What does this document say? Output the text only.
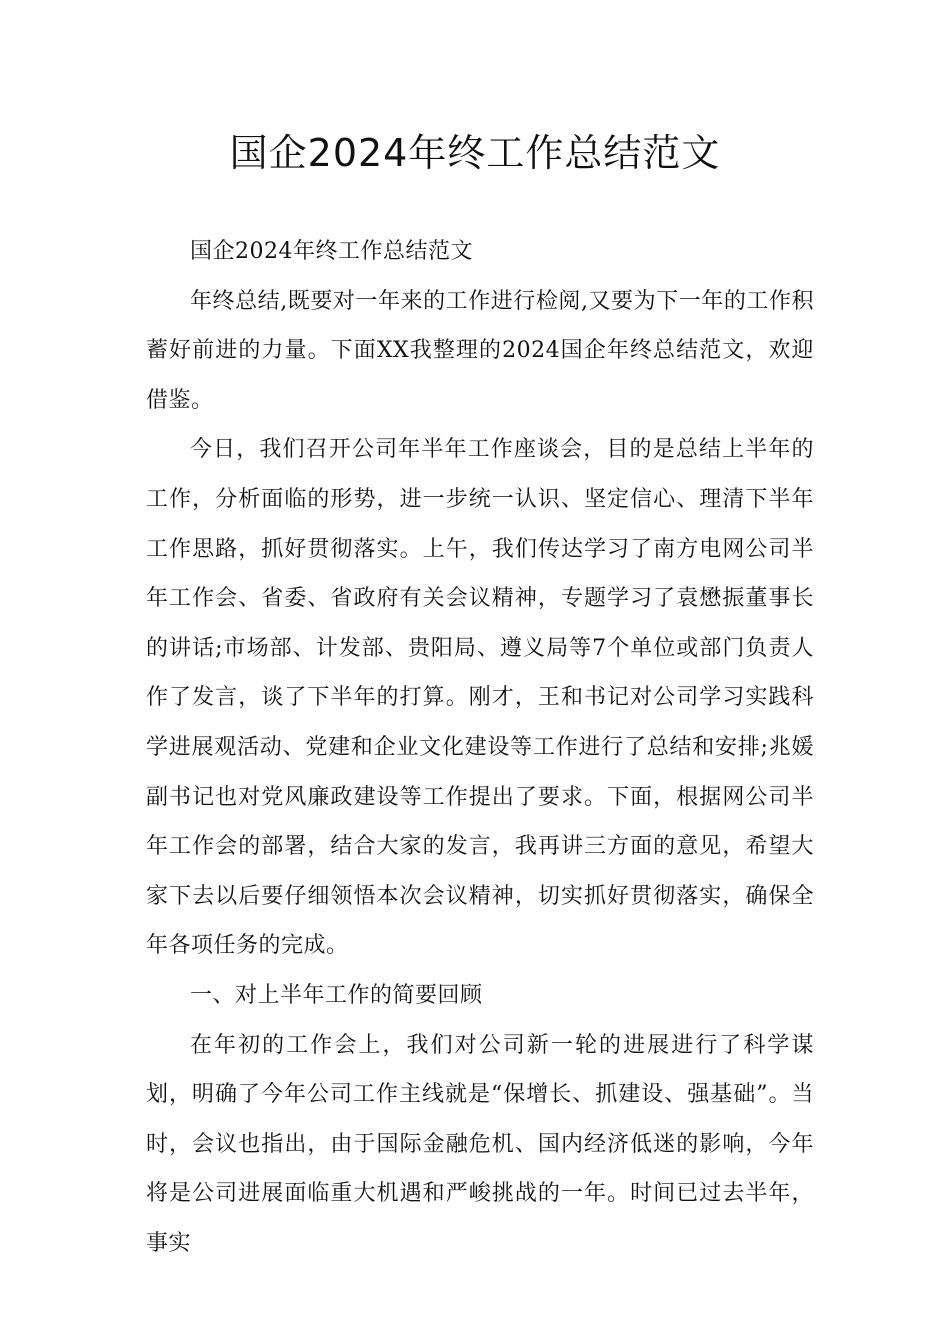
国企2024年终工作总结范文

国企2024年终工作总结范文

年终总结,既要对一年来的工作进行检阅,又要为下一年的工作积蓄好前进的力量。下面XX我整理的2024国企年终总结范文，欢迎借鉴。

今日，我们召开公司年半年工作座谈会，目的是总结上半年的工作，分析面临的形势，进一步统一认识、坚定信心、理清下半年工作思路，抓好贯彻落实。上午，我们传达学习了南方电网公司半年工作会、省委、省政府有关会议精神，专题学习了袁懋振董事长的讲话;市场部、计发部、贵阳局、遵义局等7个单位或部门负责人作了发言，谈了下半年的打算。刚才，王和书记对公司学习实践科学进展观活动、党建和企业文化建设等工作进行了总结和安排;兆媛副书记也对党风廉政建设等工作提出了要求。下面，根据网公司半年工作会的部署，结合大家的发言，我再讲三方面的意见，希望大家下去以后要仔细领悟本次会议精神，切实抓好贯彻落实，确保全年各项任务的完成。

一、对上半年工作的简要回顾

在年初的工作会上，我们对公司新一轮的进展进行了科学谋划，明确了今年公司工作主线就是“保增长、抓建设、强基础”。当时，会议也指出，由于国际金融危机、国内经济低迷的影响，今年将是公司进展面临重大机遇和严峻挑战的一年。时间已过去半年，事实
